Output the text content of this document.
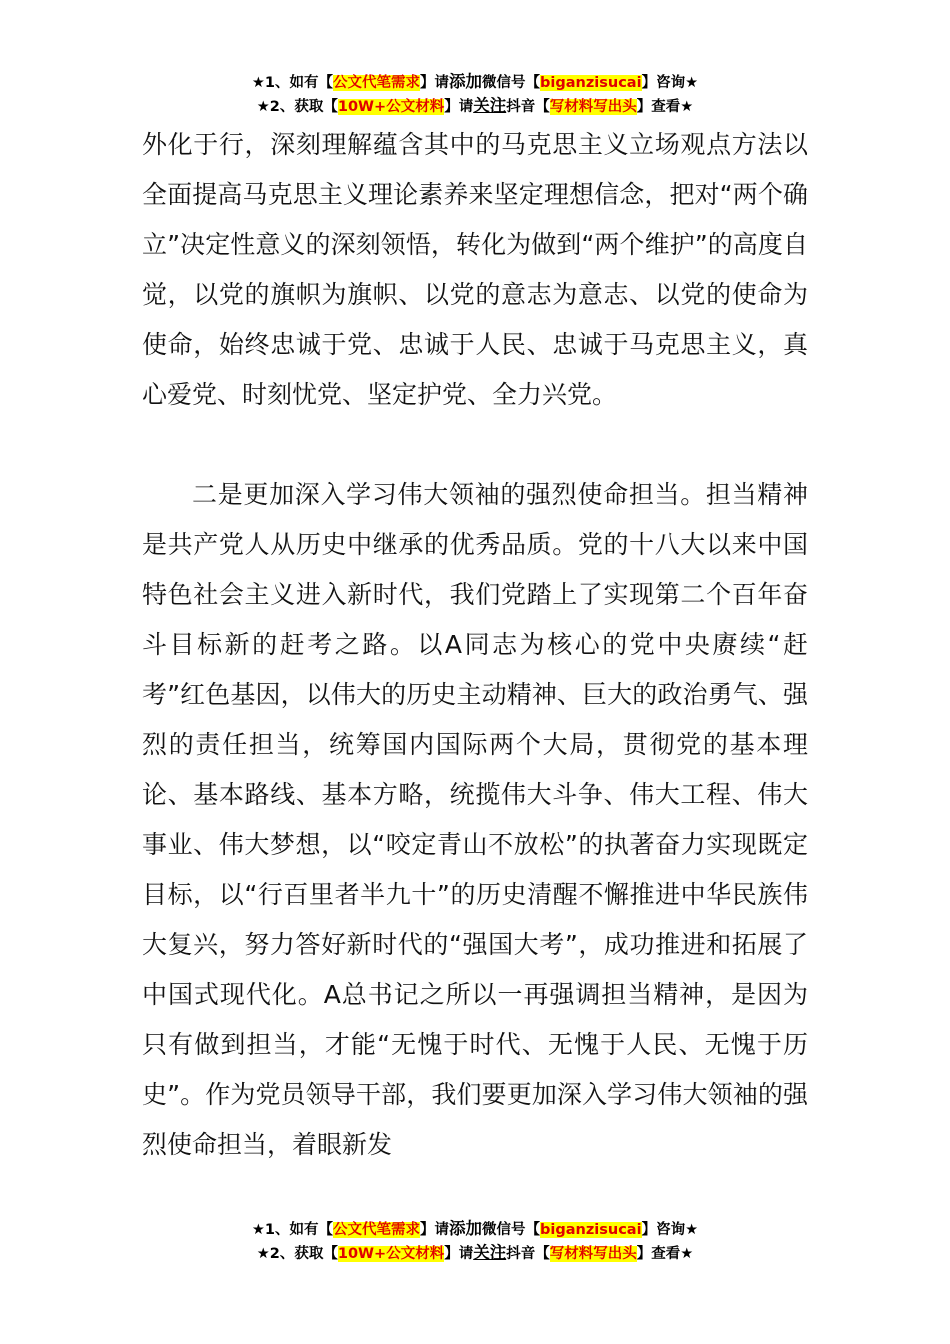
★1、如有【公文代笔需求】请添加微信号【biganzisucai】咨询★
★2、获取【10W+公文材料】请关注抖音【写材料写出头】查看★

外化于行，深刻理解蕴含其中的马克思主义立场观点方法以全面提高马克思主义理论素养来坚定理想信念，把对“两个确立”决定性意义的深刻领悟，转化为做到“两个维护”的高度自觉，以党的旗帜为旗帜、以党的意志为意志、以党的使命为使命，始终忠诚于党、忠诚于人民、忠诚于马克思主义，真心爱党、时刻忧党、坚定护党、全力兴党。

二是更加深入学习伟大领袖的强烈使命担当。担当精神是共产党人从历史中继承的优秀品质。党的十八大以来中国特色社会主义进入新时代，我们党踏上了实现第二个百年奋斗目标新的赶考之路。以A同志为核心的党中央赓续“赶考”红色基因，以伟大的历史主动精神、巨大的政治勇气、强烈的责任担当，统筹国内国际两个大局，贯彻党的基本理论、基本路线、基本方略，统揽伟大斗争、伟大工程、伟大事业、伟大梦想，以“咬定青山不放松”的执著奋力实现既定目标，以“行百里者半九十”的历史清醒不懈推进中华民族伟大复兴，努力答好新时代的“强国大考”，成功推进和拓展了中国式现代化。A总书记之所以一再强调担当精神，是因为只有做到担当，才能“无愧于时代、无愧于人民、无愧于历史”。作为党员领导干部，我们要更加深入学习伟大领袖的强烈使命担当，着眼新发

★1、如有【公文代笔需求】请添加微信号【biganzisucai】咨询★
★2、获取【10W+公文材料】请关注抖音【写材料写出头】查看★
